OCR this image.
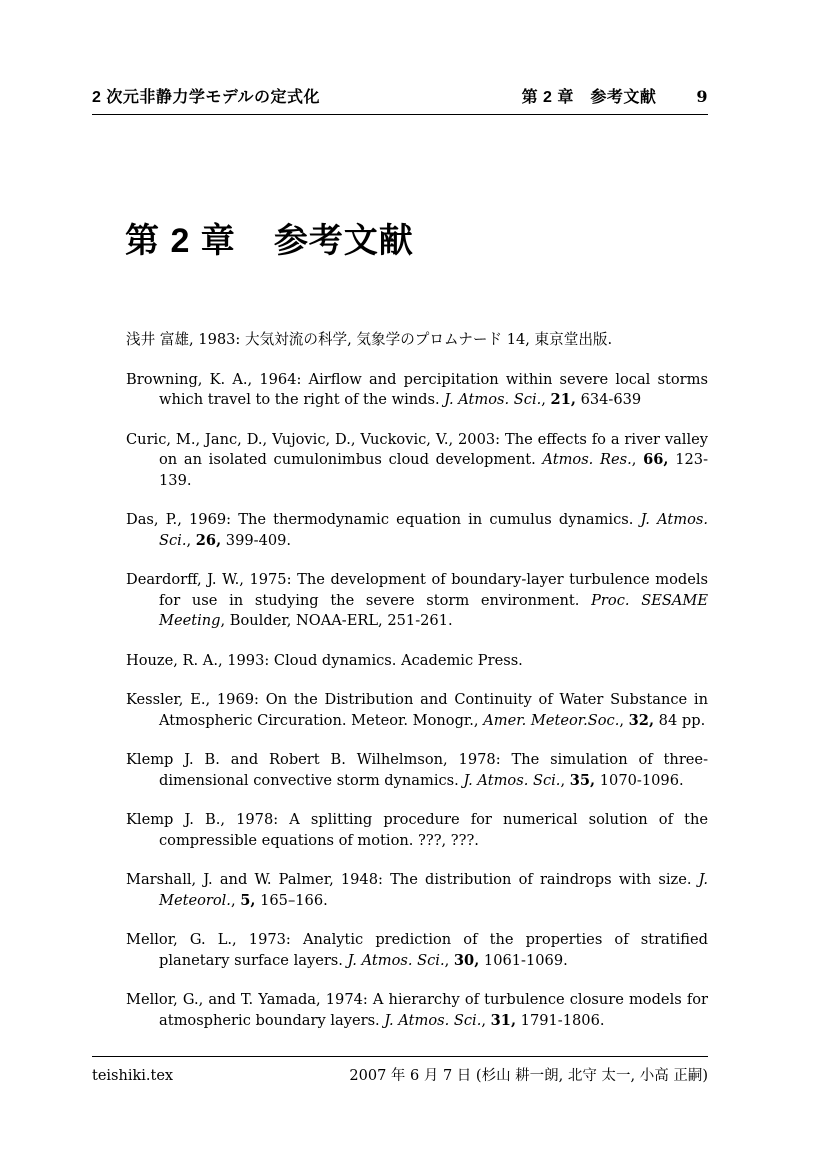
2 次元非静力学モデルの定式化	第 2 章　参考文献	9
第 2 章 参考文献

浅井 富雄, 1983: 大気対流の科学, 気象学のプロムナード 14, 東京堂出版.

Browning, K. A., 1964: Airflow and percipitation within severe local storms which travel to the right of the winds. J. Atmos. Sci., 21, 634-639

Curic, M., Janc, D., Vujovic, D., Vuckovic, V., 2003: The effects fo a river valley on an isolated cumulonimbus cloud development. Atmos. Res., 66, 123-139.

Das, P., 1969: The thermodynamic equation in cumulus dynamics. J. Atmos. Sci., 26, 399-409.

Deardorff, J. W., 1975: The development of boundary-layer turbulence models for use in studying the severe storm environment. Proc. SESAME Meeting, Boulder, NOAA-ERL, 251-261.

Houze, R. A., 1993: Cloud dynamics. Academic Press.

Kessler, E., 1969: On the Distribution and Continuity of Water Substance in Atmospheric Circuration. Meteor. Monogr., Amer. Meteor.Soc., 32, 84 pp.

Klemp J. B. and Robert B. Wilhelmson, 1978: The simulation of three-dimensional convective storm dynamics. J. Atmos. Sci., 35, 1070-1096.

Klemp J. B., 1978: A splitting procedure for numerical solution of the compressible equations of motion. ???, ???.

Marshall, J. and W. Palmer, 1948: The distribution of raindrops with size. J. Meteorol., 5, 165–166.

Mellor, G. L., 1973: Analytic prediction of the properties of stratified planetary surface layers. J. Atmos. Sci., 30, 1061-1069.

Mellor, G., and T. Yamada, 1974: A hierarchy of turbulence closure models for atmospheric boundary layers. J. Atmos. Sci., 31, 1791-1806.

teishiki.tex	2007 年 6 月 7 日 (杉山 耕一朗, 北守 太一, 小高 正嗣)
